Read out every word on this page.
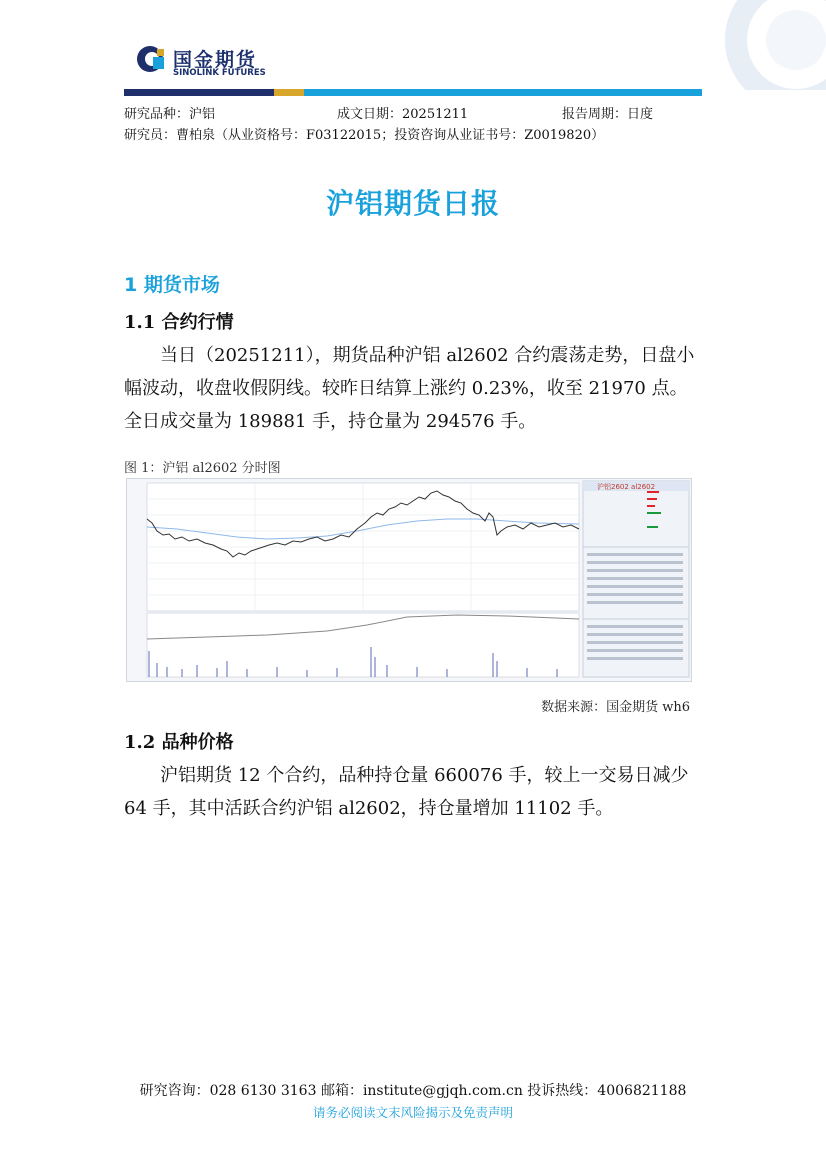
国金期货
SINOLINK FUTURES
研究品种：沪铝	成文日期：20251211	报告周期：日度
研究员：曹柏泉（从业资格号：F03122015；投资咨询从业证书号：Z0019820）
沪铝期货日报
1 期货市场
1.1 合约行情
当日（20251211），期货品种沪铝 al2602 合约震荡走势，日盘小幅波动，收盘收假阴线。较昨日结算上涨约 0.23%，收至 21970 点。全日成交量为 189881 手，持仓量为 294576 手。
图 1：沪铝 al2602 分时图
沪铝2602 al2602
数据来源：国金期货 wh6
1.2 品种价格
沪铝期货 12 个合约，品种持仓量 660076 手，较上一交易日减少 64 手，其中活跃合约沪铝 al2602，持仓量增加 11102 手。
研究咨询：028 6130 3163 邮箱：institute@gjqh.com.cn 投诉热线：4006821188
请务必阅读文末风险揭示及免责声明
